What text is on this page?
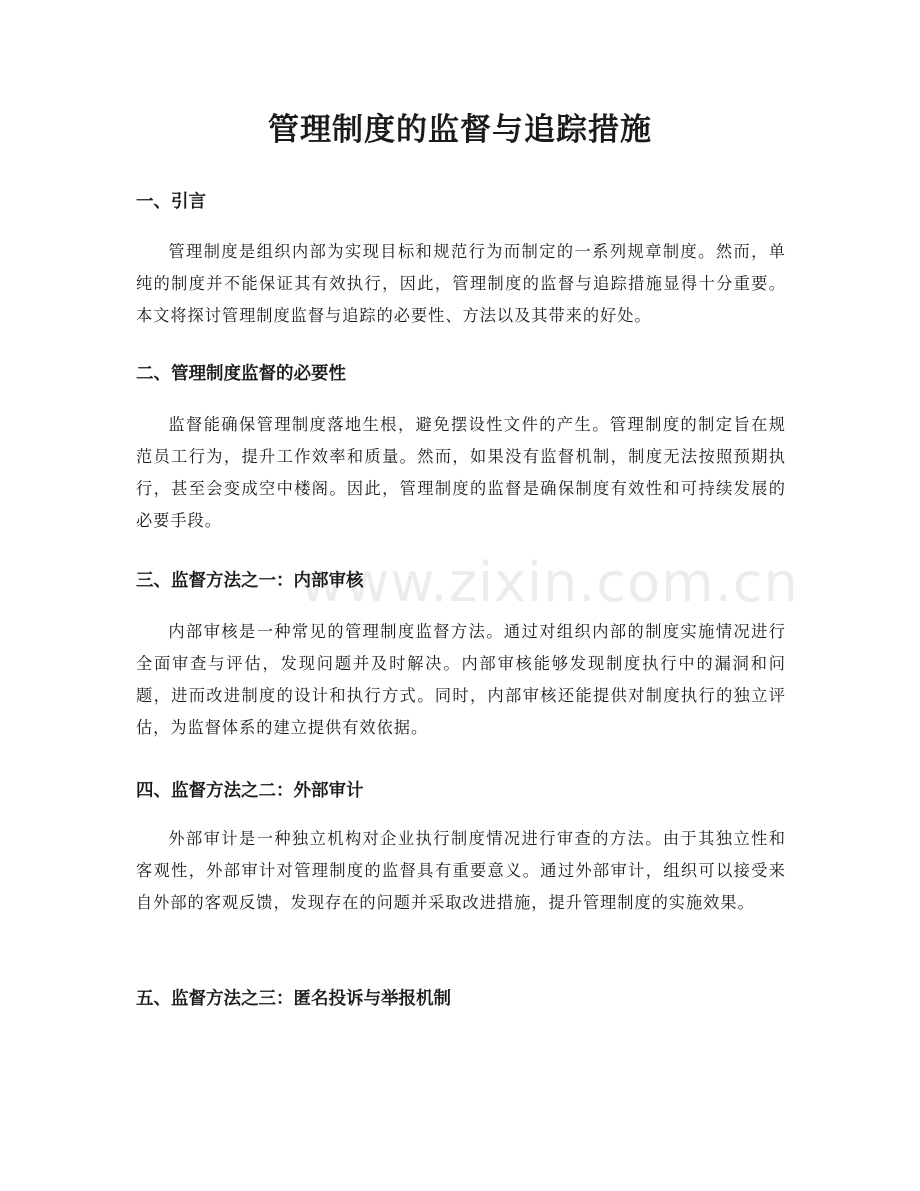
管理制度的监督与追踪措施
一、引言

管理制度是组织内部为实现目标和规范行为而制定的一系列规章制度。然而，单纯的制度并不能保证其有效执行，因此，管理制度的监督与追踪措施显得十分重要。本文将探讨管理制度监督与追踪的必要性、方法以及其带来的好处。

二、管理制度监督的必要性

监督能确保管理制度落地生根，避免摆设性文件的产生。管理制度的制定旨在规范员工行为，提升工作效率和质量。然而，如果没有监督机制，制度无法按照预期执行，甚至会变成空中楼阁。因此，管理制度的监督是确保制度有效性和可持续发展的必要手段。

三、监督方法之一：内部审核

内部审核是一种常见的管理制度监督方法。通过对组织内部的制度实施情况进行全面审查与评估，发现问题并及时解决。内部审核能够发现制度执行中的漏洞和问题，进而改进制度的设计和执行方式。同时，内部审核还能提供对制度执行的独立评估，为监督体系的建立提供有效依据。

四、监督方法之二：外部审计

外部审计是一种独立机构对企业执行制度情况进行审查的方法。由于其独立性和客观性，外部审计对管理制度的监督具有重要意义。通过外部审计，组织可以接受来自外部的客观反馈，发现存在的问题并采取改进措施，提升管理制度的实施效果。

五、监督方法之三：匿名投诉与举报机制
www.zixin.com.cn
